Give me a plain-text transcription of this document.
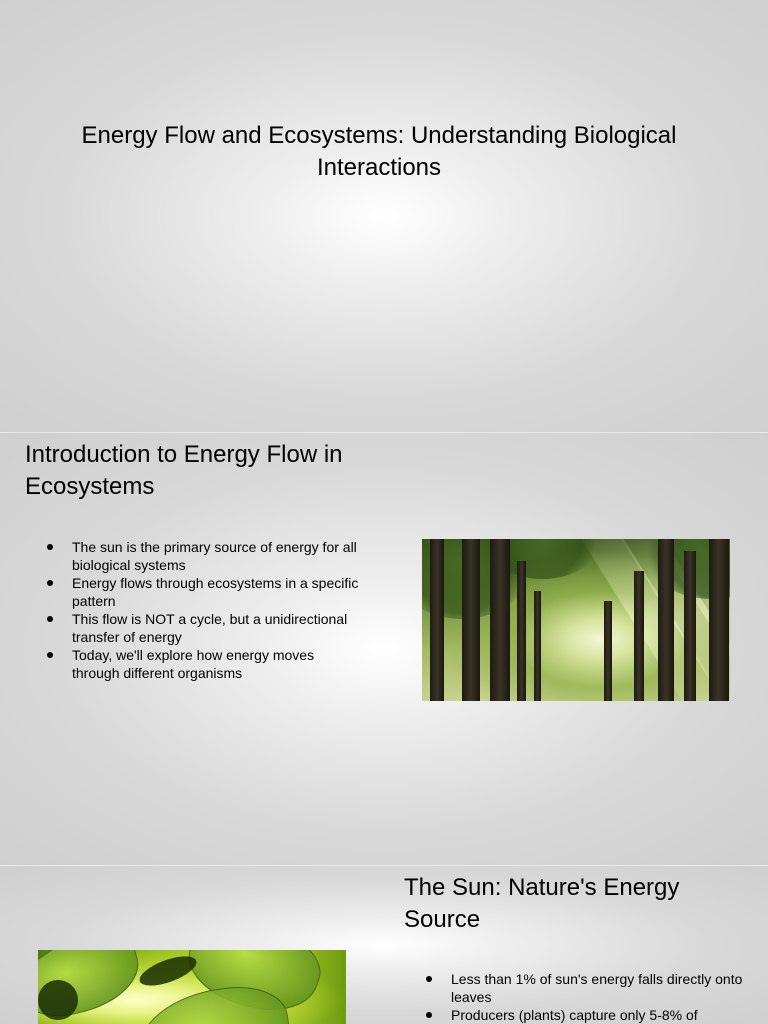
Energy Flow and Ecosystems: Understanding Biological Interactions
Introduction to Energy Flow in Ecosystems
The sun is the primary source of energy for all biological systems
Energy flows through ecosystems in a specific pattern
This flow is NOT a cycle, but a unidirectional transfer of energy
Today, we'll explore how energy moves through different organisms
The Sun: Nature's Energy Source
Less than 1% of sun's energy falls directly onto leaves
Producers (plants) capture only 5-8% of
